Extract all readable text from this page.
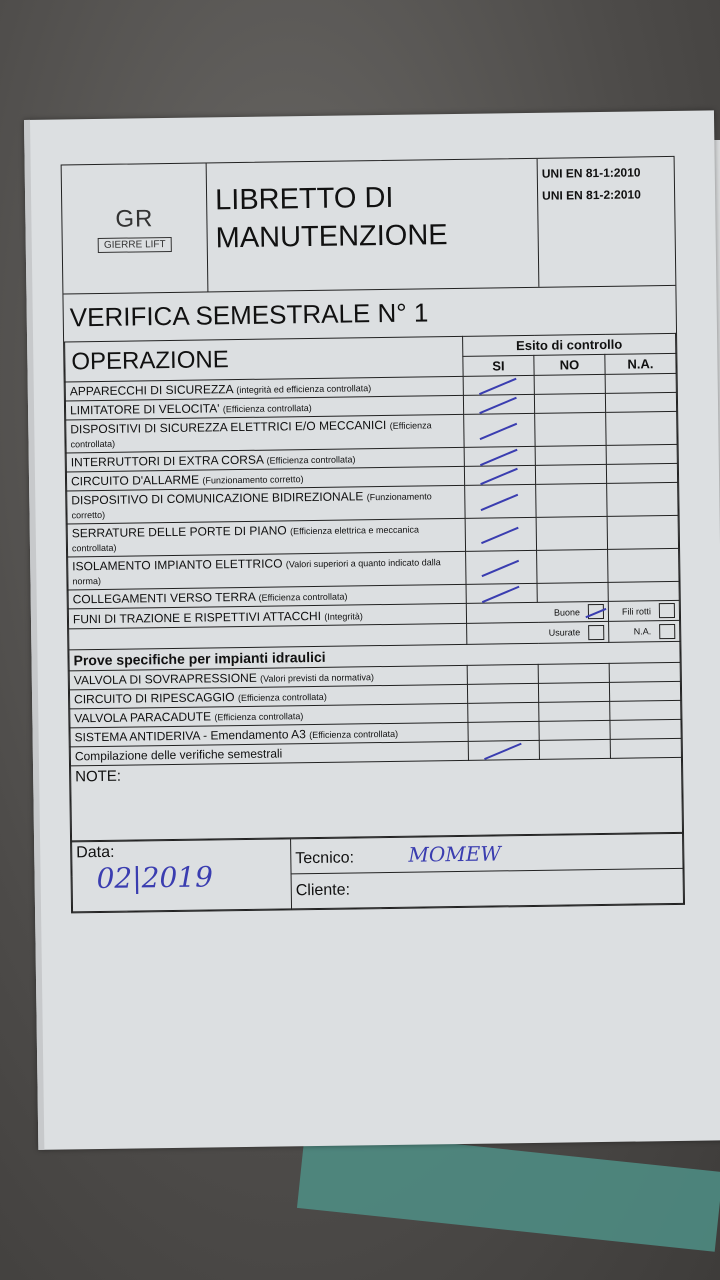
GR
GIERRE LIFT
LIBRETTO DI
MANUTENZIONE
UNI EN 81-1:2010
UNI EN 81-2:2010
VERIFICA SEMESTRALE N° 1
OPERAZIONE	Esito di controllo		
	SI	NO	N.A.
APPARECCHI DI SICUREZZA (integrità ed efficienza controllata)	

LIMITATORE DI VELOCITA' (Efficienza controllata)	

DISPOSITIVI DI SICUREZZA ELETTRICI E/O MECCANICI (Efficienza controllata)	

INTERRUTTORI DI EXTRA CORSA (Efficienza controllata)	

CIRCUITO D'ALLARME (Funzionamento corretto)	

DISPOSITIVO DI COMUNICAZIONE BIDIREZIONALE (Funzionamento corretto)	

SERRATURE DELLE PORTE DI PIANO (Efficienza elettrica e meccanica controllata)	

ISOLAMENTO IMPIANTO ELETTRICO (Valori superiori a quanto indicato dalla norma)	

COLLEGAMENTI VERSO TERRA (Efficienza controllata)	

FUNI DI TRAZIONE E RISPETTIVI ATTACCHI (Integrità)	Buone		Fili rotti
	Usurate		N.A.
Prove specifiche per impianti idraulici			
VALVOLA DI SOVRAPRESSIONE (Valori previsti da normativa)			
CIRCUITO DI RIPESCAGGIO (Efficienza controllata)			
VALVOLA PARACADUTE (Efficienza controllata)			
SISTEMA ANTIDERIVA - Emendamento A3 (Efficienza controllata)			
Compilazione delle verifiche semestrali	

NOTE:			
Data:
02|2019
	Tecnico:	MOMEW
Cliente:
